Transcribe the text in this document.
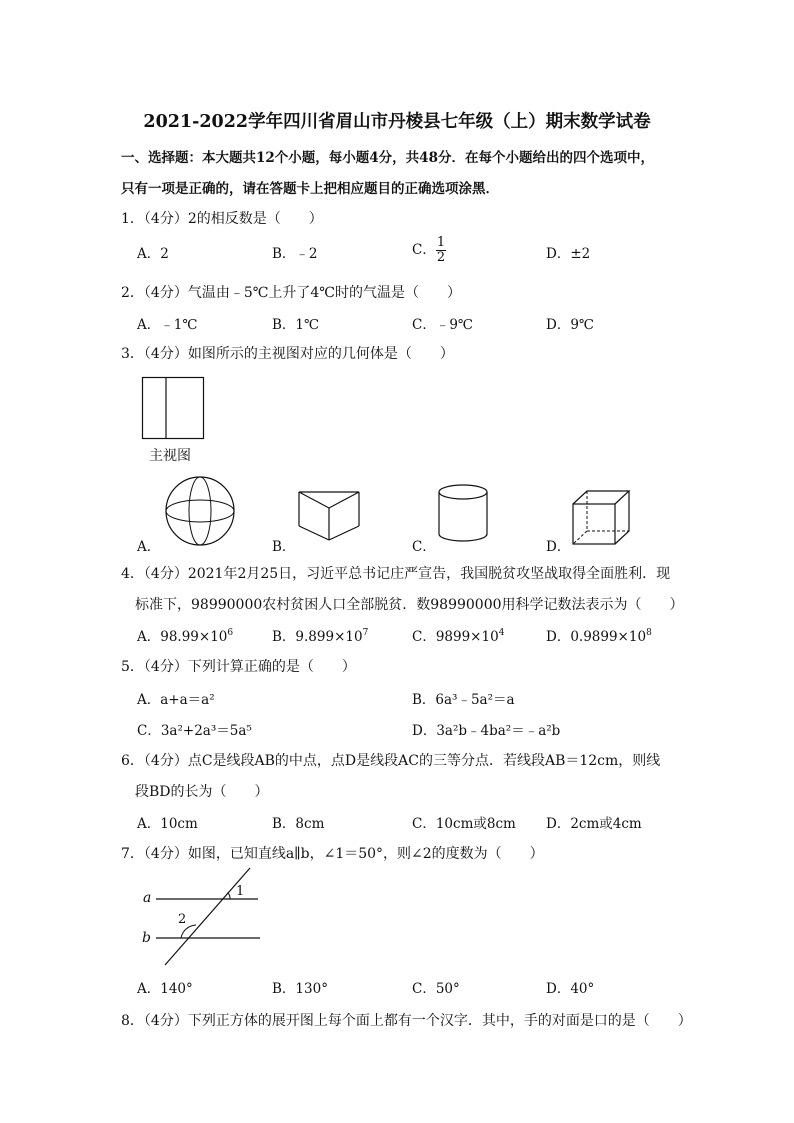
2021-2022学年四川省眉山市丹棱县七年级（上）期末数学试卷
一、选择题：本大题共12个小题，每小题4分，共48分．在每个小题给出的四个选项中，
只有一项是正确的，请在答题卡上把相应题目的正确选项涂黑．
1．（4分）2的相反数是（　　）
A．2	B．﹣2	C． $\frac{1}{2}$	D．±2
2．（4分）气温由﹣5℃上升了4℃时的气温是（　　）
A．﹣1℃	B．1℃	C．﹣9℃	D．9℃
3．（4分）如图所示的主视图对应的几何体是（　　）
主视图
A．	B．	C．	D．
4．（4分）2021年2月25日，习近平总书记庄严宣告，我国脱贫攻坚战取得全面胜利．现
标准下，98990000农村贫困人口全部脱贫．数98990000用科学记数法表示为（　　）
A．$98.99\times 10^6$	B．$9.899\times 10^7$	C．$9899\times 10^4$	D．$0.9899\times 10^8$
5．（4分）下列计算正确的是（　　）
A．a+a＝a²	B．6a³﹣5a²＝a
C．3a²+2a³＝5a⁵	D．3a²b﹣4ba²＝﹣a²b
6．（4分）点C是线段AB的中点，点D是线段AC的三等分点．若线段AB＝12cm，则线
段BD的长为（　　）
A．10cm	B．8cm	C．10cm或8cm D．2cm或4cm
7．（4分）如图，已知直线a∥b，∠1＝50°，则∠2的度数为（　　）
a
b
1
2
A．140°	B．130°	C．50°	D．40°
8．（4分）下列正方体的展开图上每个面上都有一个汉字．其中，手的对面是口的是（　　）
